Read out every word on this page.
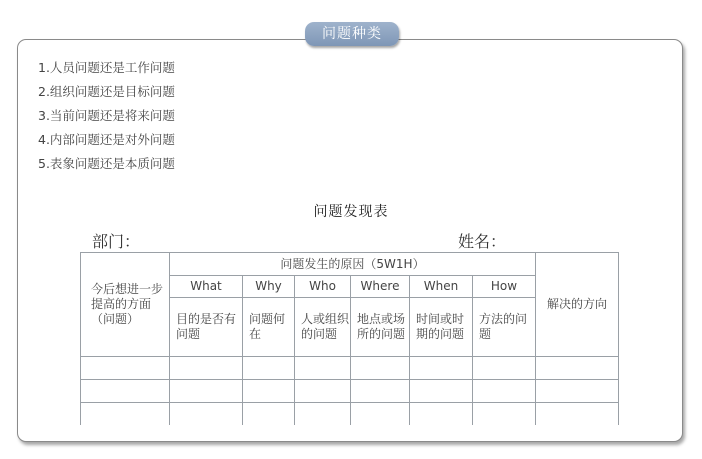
问题种类
1.人员问题还是工作问题
2.组织问题还是目标问题
3.当前问题还是将来问题
4.内部问题还是对外问题
5.表象问题还是本质问题
问题发现表
部门：	姓名：
今后想进一步提高的方面（问题）	问题发生的原因（5W1H）						解决的方向
	What	Why	Who	Where	When	How	
	目的是否有问题	问题何在	人或组织的问题	地点或场所的问题	时间或时期的问题	方法的问题	
